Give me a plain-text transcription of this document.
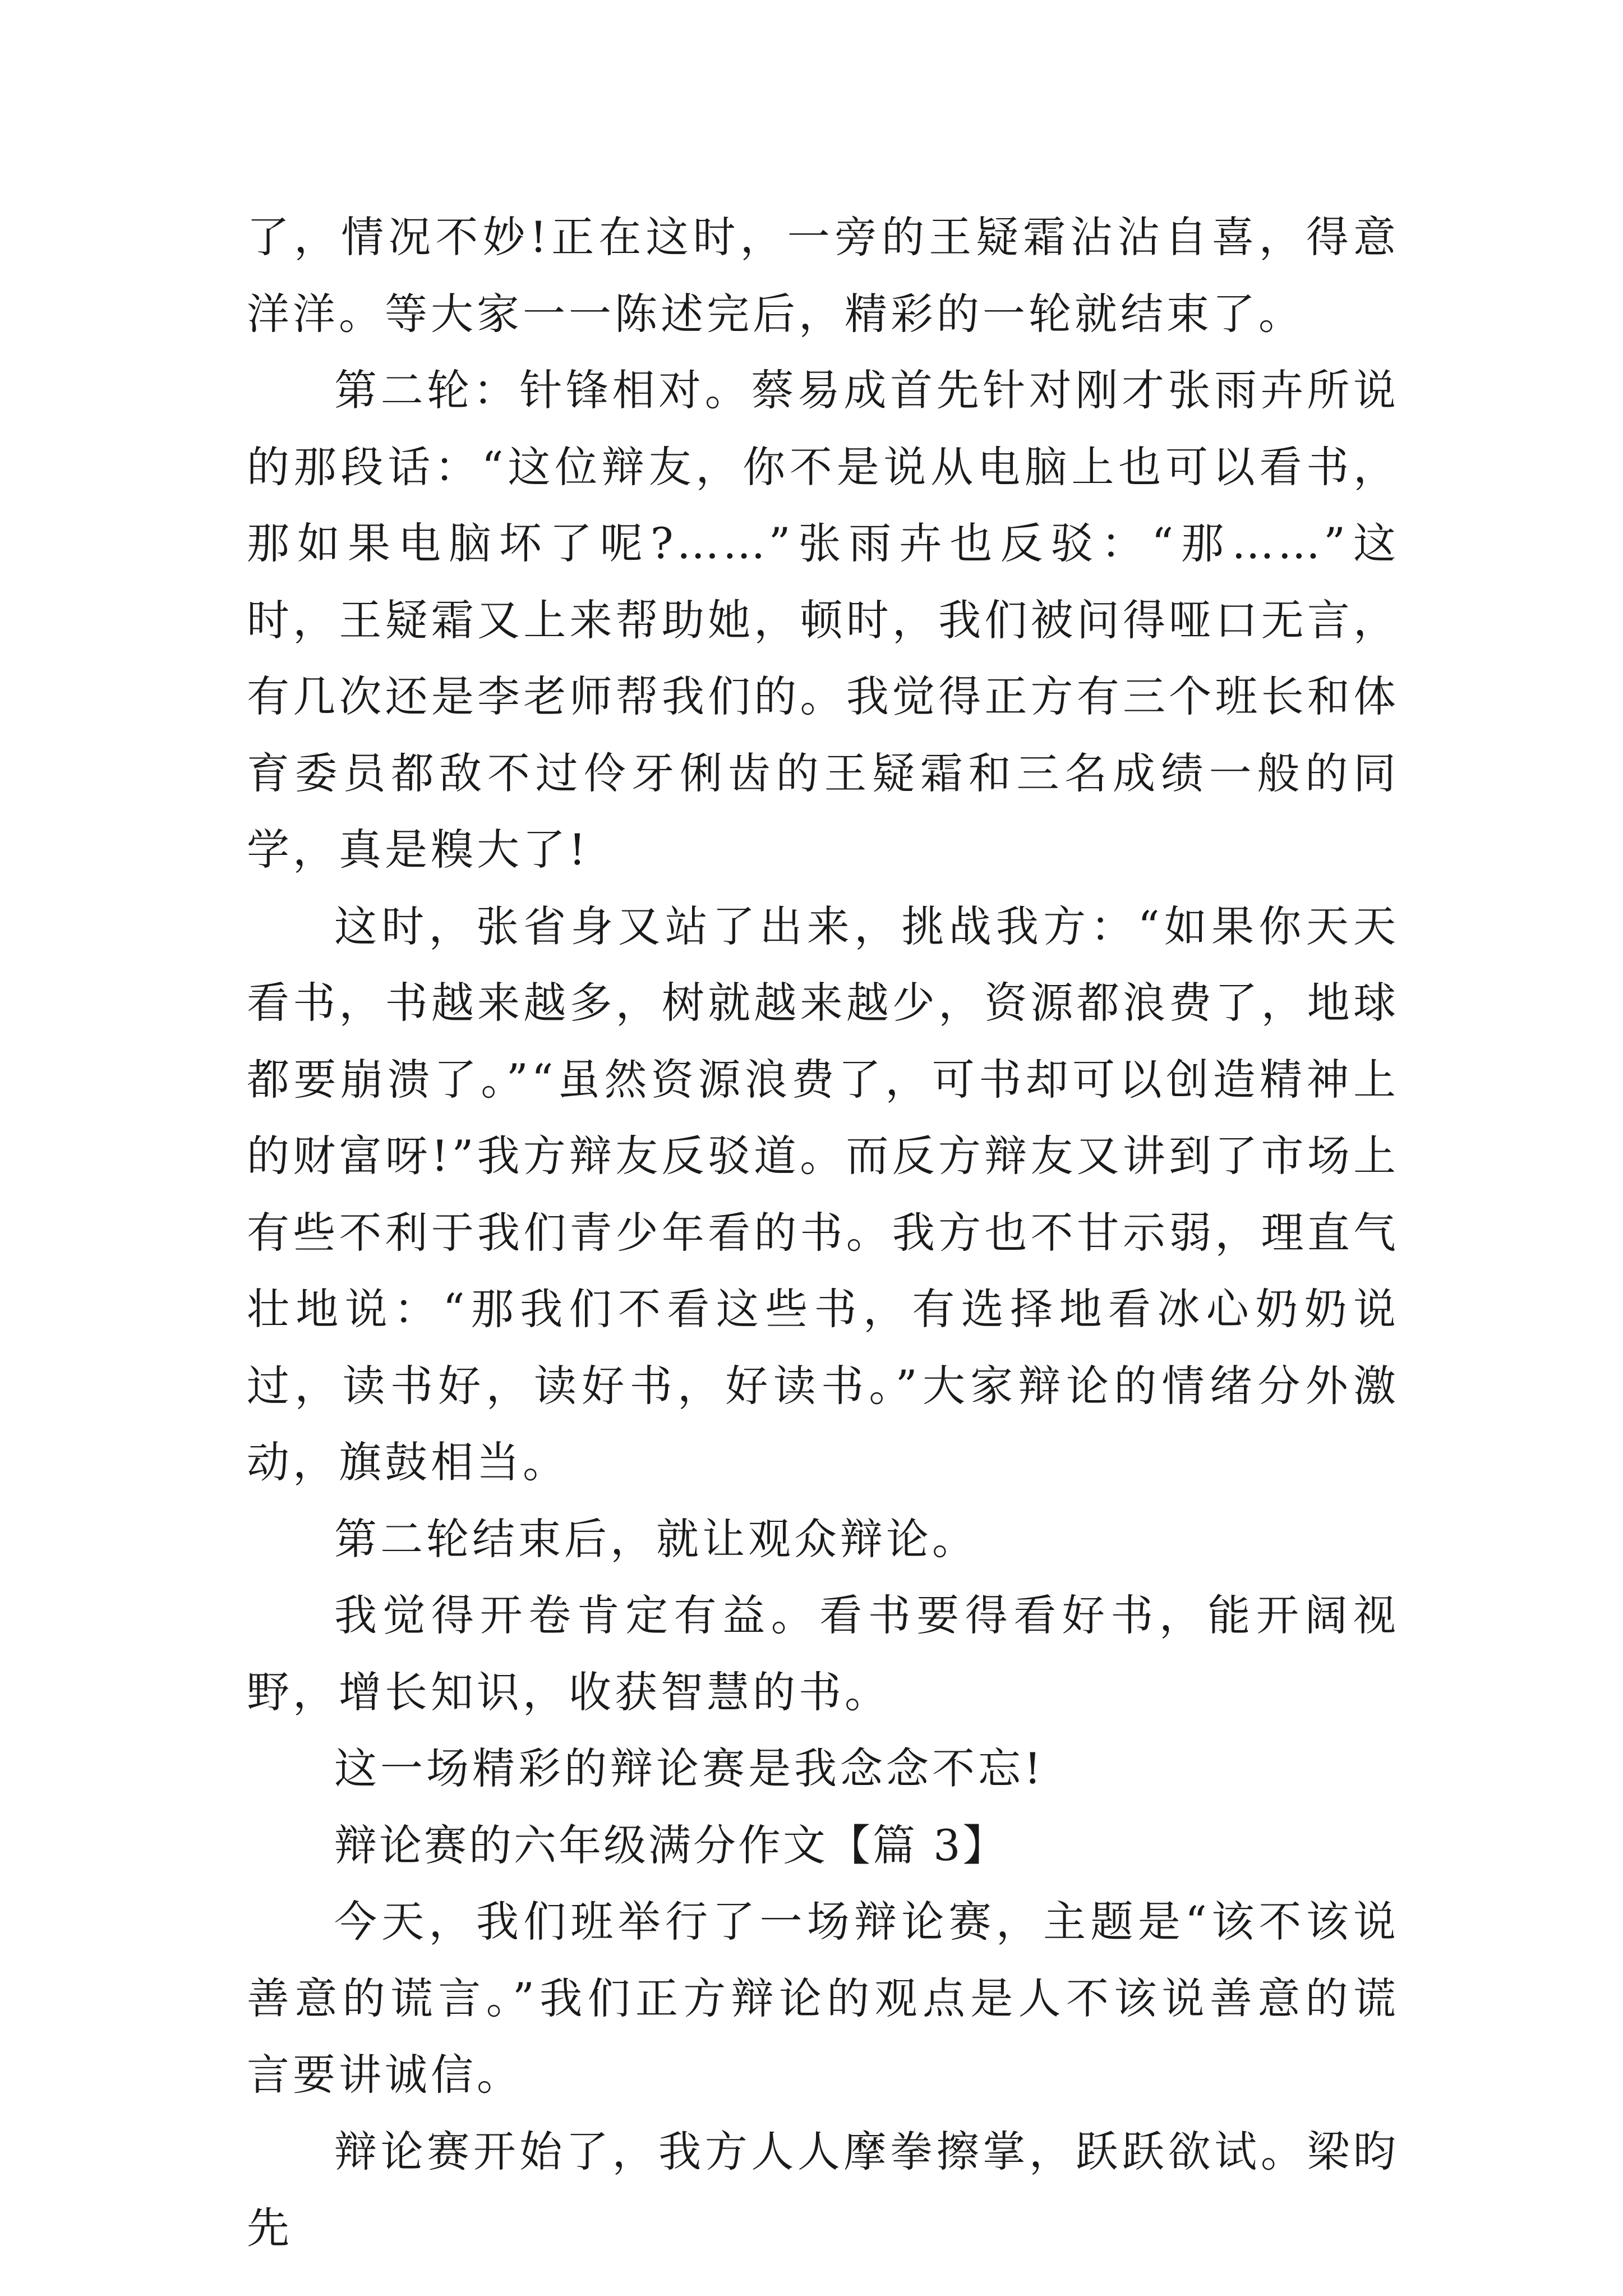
了，情况不妙!正在这时，一旁的王疑霜沾沾自喜，得意洋洋。等大家一一陈述完后，精彩的一轮就结束了。

第二轮：针锋相对。蔡易成首先针对刚才张雨卉所说的那段话：“这位辩友，你不是说从电脑上也可以看书，那如果电脑坏了呢?……”张雨卉也反驳：“那……”这时，王疑霜又上来帮助她，顿时，我们被问得哑口无言，有几次还是李老师帮我们的。我觉得正方有三个班长和体育委员都敌不过伶牙俐齿的王疑霜和三名成绩一般的同学，真是糗大了!

这时，张省身又站了出来，挑战我方：“如果你天天看书，书越来越多，树就越来越少，资源都浪费了，地球都要崩溃了。”“虽然资源浪费了，可书却可以创造精神上的财富呀!”我方辩友反驳道。而反方辩友又讲到了市场上有些不利于我们青少年看的书。我方也不甘示弱，理直气壮地说：“那我们不看这些书，有选择地看冰心奶奶说过，读书好，读好书，好读书。”大家辩论的情绪分外激动，旗鼓相当。

第二轮结束后，就让观众辩论。

我觉得开卷肯定有益。看书要得看好书，能开阔视野，增长知识，收获智慧的书。

这一场精彩的辩论赛是我念念不忘!

辩论赛的六年级满分作文【篇 3】

今天，我们班举行了一场辩论赛，主题是“该不该说善意的谎言。”我们正方辩论的观点是人不该说善意的谎言要讲诚信。

辩论赛开始了，我方人人摩拳擦掌，跃跃欲试。梁昀先
